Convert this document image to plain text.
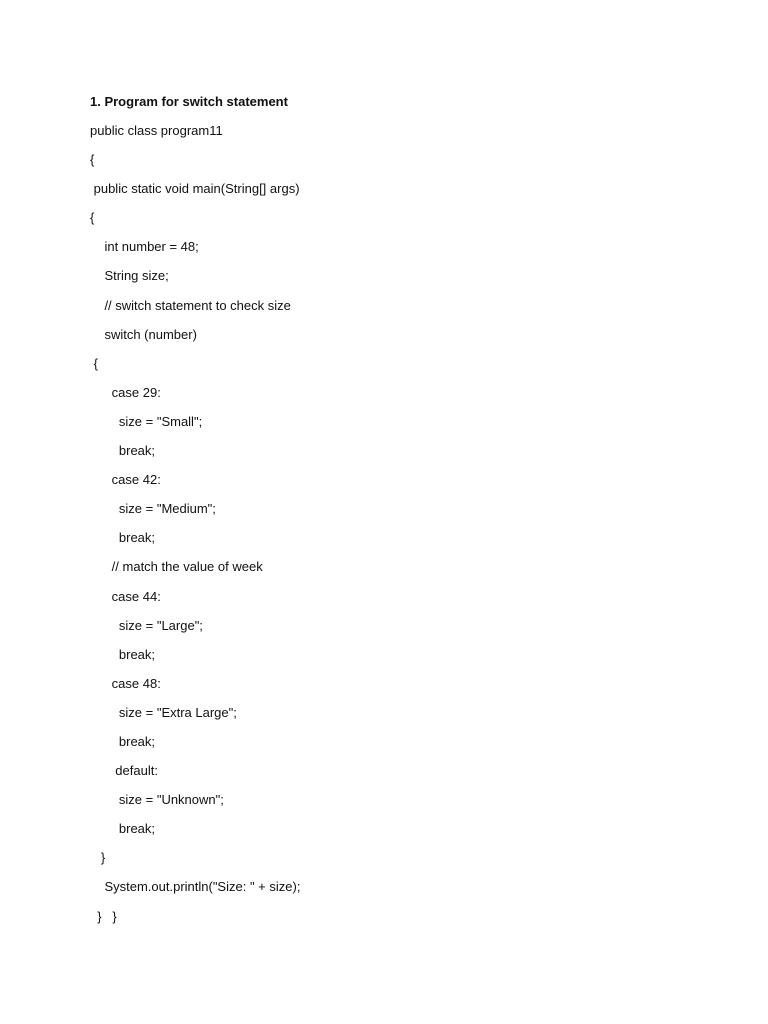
1. Program for switch statement
public class program11
{
public static void main(String[] args)
{
int number = 48;
String size;
// switch statement to check size
switch (number)
{
case 29:
size = "Small";
break;
case 42:
size = "Medium";
break;
// match the value of week
case 44:
size = "Large";
break;
case 48:
size = "Extra Large";
break;
default:
size = "Unknown";
break;
}
System.out.println("Size: " + size);
}   }
